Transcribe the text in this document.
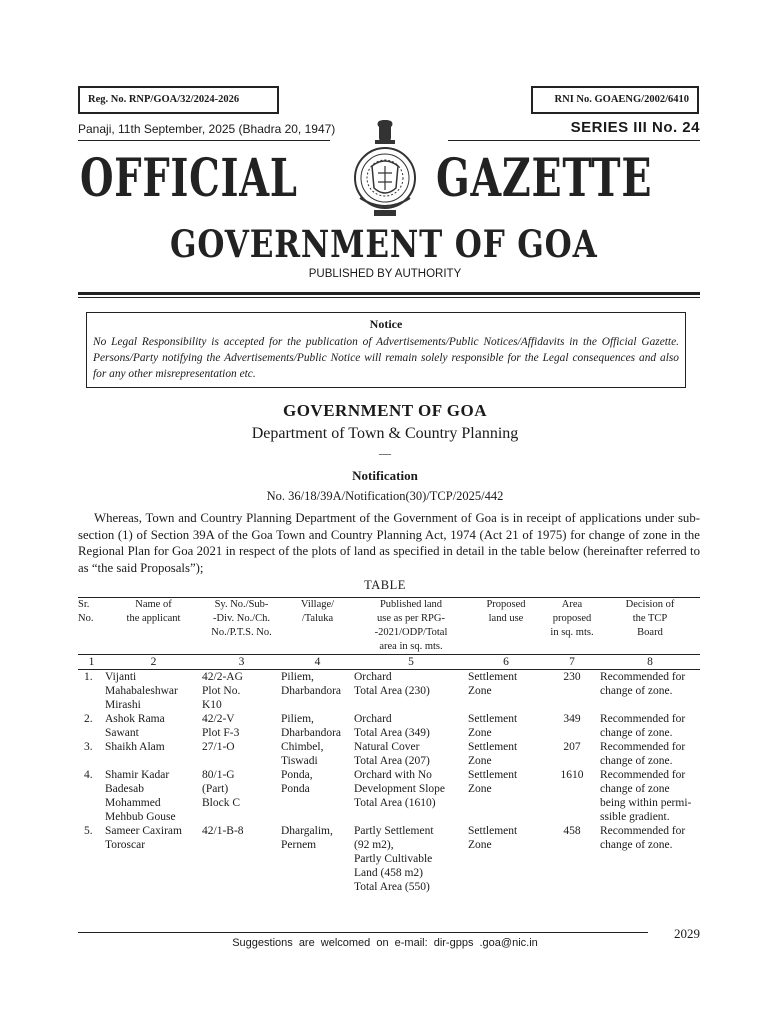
Reg. No. RNP/GOA/32/2024-2026	RNI No. GOAENG/2002/6410
Panaji, 11th September, 2025 (Bhadra 20, 1947)	SERIES III No. 24
OFFICIAL	GAZETTE
GOVERNMENT OF GOA
PUBLISHED BY AUTHORITY
Notice
No Legal Responsibility is accepted for the publication of Advertisements/Public Notices/Affidavits in the Official Gazette. Persons/Party notifying the Advertisements/Public Notice will remain solely responsible for the Legal consequences and also for any other misrepresentation etc.
GOVERNMENT OF GOA
Department of Town & Country Planning
__
Notification
No. 36/18/39A/Notification(30)/TCP/2025/442
Whereas, Town and Country Planning Department of the Government of Goa is in receipt of applications under sub-section (1) of Section 39A of the Goa Town and Country Planning Act, 1974 (Act 21 of 1975) for change of zone in the Regional Plan for Goa 2021 in respect of the plots of land as specified in detail in the table below (hereinafter referred to as “the said Proposals”);
TABLE
Sr.
No.	Name of
the applicant	Sy. No./Sub-
-Div. No./Ch.
No./P.T.S. No.	Village/
/Taluka	Published land
use as per RPG-
-2021/ODP/Total
area in sq. mts.	Proposed
land use	Area
proposed
in sq. mts.	Decision of
the TCP
Board
1	2	3	4	5	6	7	8
1.	Vijanti
Mahabaleshwar
Mirashi	42/2-AG
Plot No.
K10	Piliem,
Dharbandora	Orchard
Total Area (230)	Settlement
Zone	230	Recommended for
change of zone.
2.	Ashok Rama
Sawant	42/2-V
Plot F-3	Piliem,
Dharbandora	Orchard
Total Area (349)	Settlement
Zone	349	Recommended for
change of zone.
3.	Shaikh Alam	27/1-O	Chimbel,
Tiswadi	Natural Cover
Total Area (207)	Settlement
Zone	207	Recommended for
change of zone.
4.	Shamir Kadar
Badesab
Mohammed
Mehbub Gouse	80/1-G
(Part)
Block C	Ponda,
Ponda	Orchard with No
Development Slope
Total Area (1610)	Settlement
Zone	1610	Recommended for
change of zone
being within permi-
ssible gradient.
5.	Sameer Caxiram
Toroscar	42/1-B-8	Dhargalim,
Pernem	Partly Settlement
(92 m2),
Partly Cultivable
Land (458 m2)
Total Area (550)	Settlement
Zone	458	Recommended for
change of zone.
2029
Suggestions are welcomed on e-mail: dir-gpps .goa@nic.in
